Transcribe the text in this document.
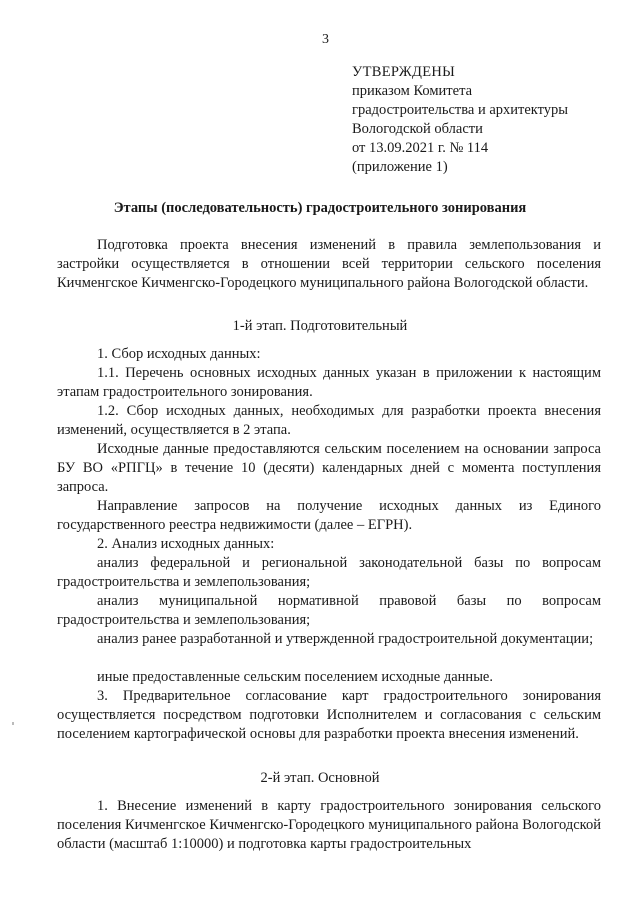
3
УТВЕРЖДЕНЫ
приказом Комитета
градостроительства и архитектуры
Вологодской области
от 13.09.2021 г. № 114
(приложение 1)
Этапы (последовательность) градостроительного зонирования
Подготовка проекта внесения изменений в правила землепользования и застройки осуществляется в отношении всей территории сельского поселения Кичменгское Кичменгско-Городецкого муниципального района Вологодской области.
1-й этап. Подготовительный
1. Сбор исходных данных:
1.1. Перечень основных исходных данных указан в приложении к настоящим этапам градостроительного зонирования.
1.2. Сбор исходных данных, необходимых для разработки проекта внесения изменений, осуществляется в 2 этапа.
Исходные данные предоставляются сельским поселением на основании запроса БУ ВО «РПГЦ» в течение 10 (десяти) календарных дней с момента поступления запроса.
Направление запросов на получение исходных данных из Единого государственного реестра недвижимости (далее – ЕГРН).
2. Анализ исходных данных:
анализ федеральной и региональной законодательной базы по вопросам градостроительства и землепользования;
анализ муниципальной нормативной правовой базы по вопросам градостроительства и землепользования;
анализ ранее разработанной и утвержденной градостроительной документации;
иные предоставленные сельским поселением исходные данные.
3. Предварительное согласование карт градостроительного зонирования осуществляется посредством подготовки Исполнителем и согласования с сельским поселением картографической основы для разработки проекта внесения изменений.
2-й этап. Основной
1. Внесение изменений в карту градостроительного зонирования сельского поселения Кичменгское Кичменгско-Городецкого муниципального района Вологодской области (масштаб 1:10000) и подготовка карты градостроительных
